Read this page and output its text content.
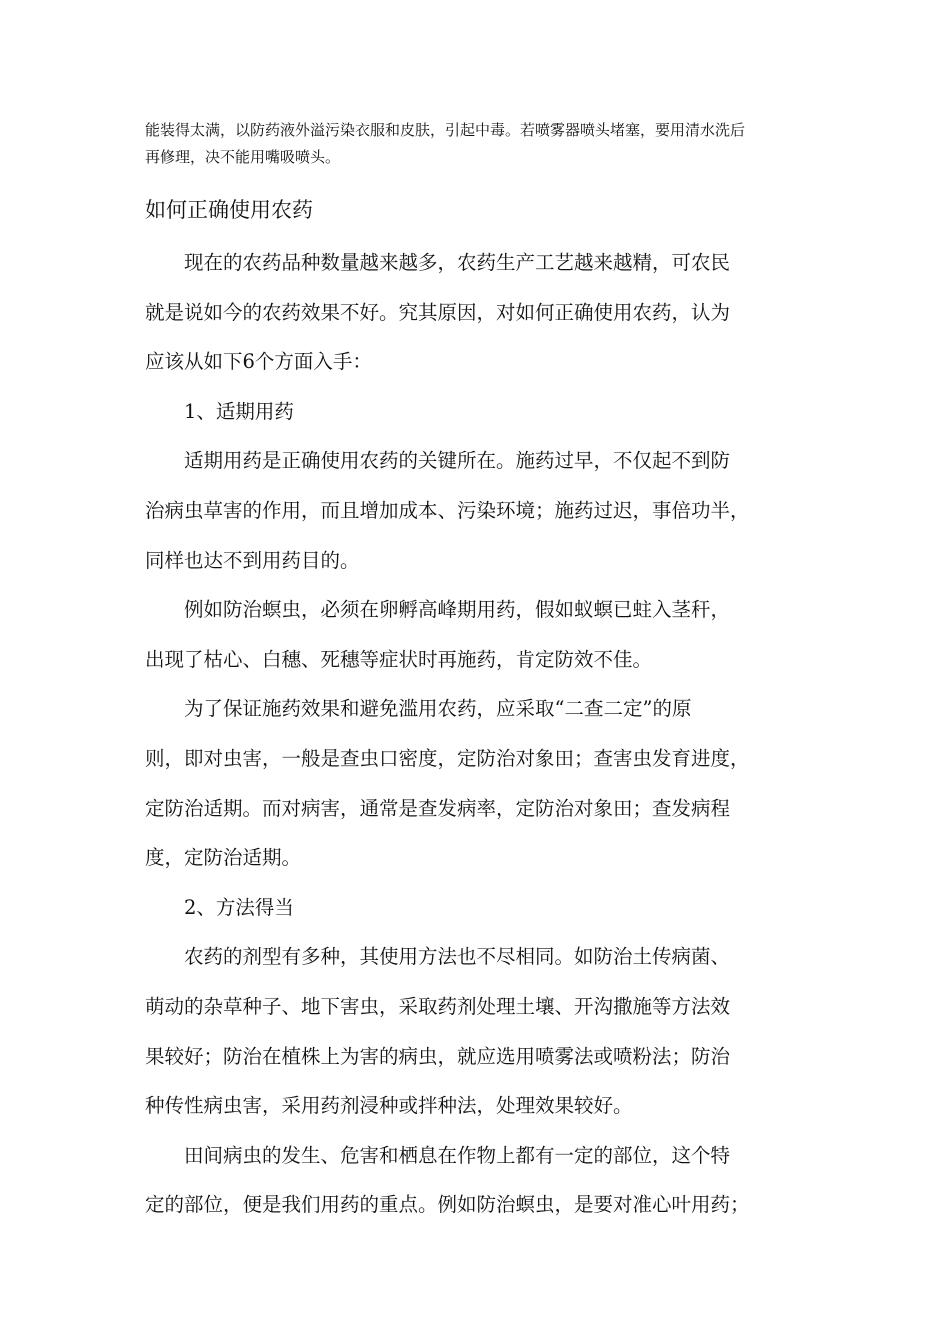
能装得太满，以防药液外溢污染衣服和皮肤，引起中毒。若喷雾器喷头堵塞，要用清水洗后
再修理，决不能用嘴吸喷头。
如何正确使用农药

现在的农药品种数量越来越多，农药生产工艺越来越精，可农民
就是说如今的农药效果不好。究其原因，对如何正确使用农药，认为
应该从如下6个方面入手：

1、适期用药

适期用药是正确使用农药的关键所在。施药过早，不仅起不到防
治病虫草害的作用，而且增加成本、污染环境；施药过迟，事倍功半，
同样也达不到用药目的。

例如防治螟虫，必须在卵孵高峰期用药，假如蚁螟已蛀入茎秆，
出现了枯心、白穗、死穗等症状时再施药，肯定防效不佳。

为了保证施药效果和避免滥用农药，应采取“二查二定”的原
则，即对虫害，一般是查虫口密度，定防治对象田；查害虫发育进度，
定防治适期。而对病害，通常是查发病率，定防治对象田；查发病程
度，定防治适期。

2、方法得当

农药的剂型有多种，其使用方法也不尽相同。如防治土传病菌、
萌动的杂草种子、地下害虫，采取药剂处理土壤、开沟撒施等方法效
果较好；防治在植株上为害的病虫，就应选用喷雾法或喷粉法；防治
种传性病虫害，采用药剂浸种或拌种法，处理效果较好。

田间病虫的发生、危害和栖息在作物上都有一定的部位，这个特
定的部位，便是我们用药的重点。例如防治螟虫，是要对准心叶用药；
